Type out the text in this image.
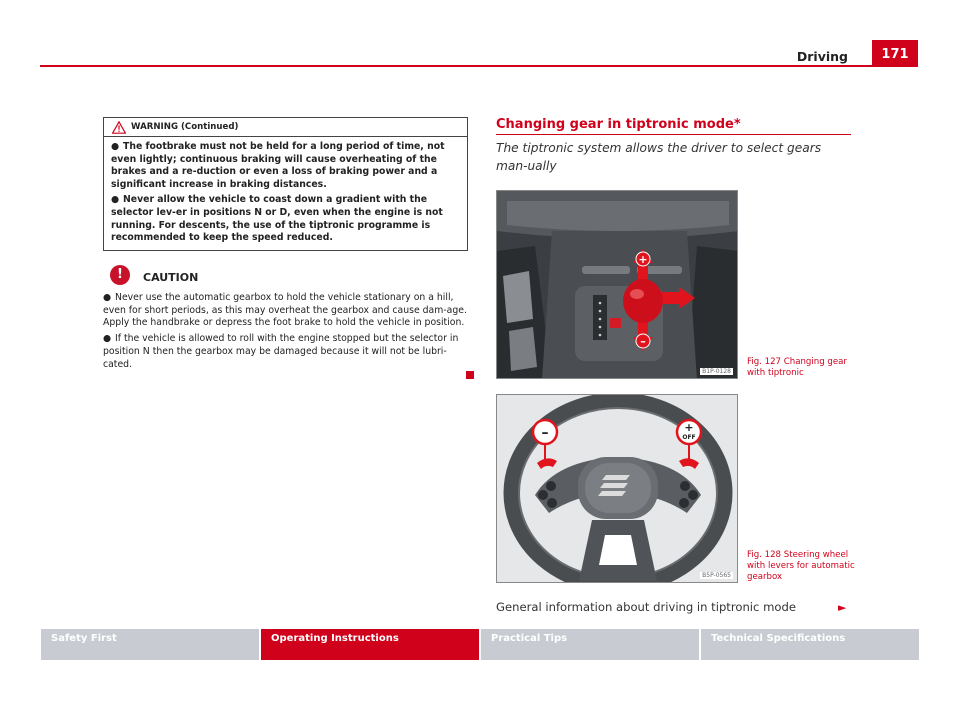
Driving	171
WARNING (Continued)

● The footbrake must not be held for a long period of time, not even lightly; continuous braking will cause overheating of the brakes and a re-duction or even a loss of braking power and a significant increase in braking distances.

● Never allow the vehicle to coast down a gradient with the selector lev-er in positions N or D, even when the engine is not running. For descents, the use of the tiptronic programme is recommended to keep the speed reduced.

!	CAUTION

● Never use the automatic gearbox to hold the vehicle stationary on a hill, even for short periods, as this may overheat the gearbox and cause dam-age. Apply the handbrake or depress the foot brake to hold the vehicle in position.

● If the vehicle is allowed to roll with the engine stopped but the selector in position N then the gearbox may be damaged because it will not be lubri-cated.

Changing gear in tiptronic mode*

The tiptronic system allows the driver to select gears man-ually

+
–
B1P-0128
Fig. 127 Changing gear with tiptronic
–	+
OFF
B5P-0565
Fig. 128 Steering wheel with levers for automatic gearbox

General information about driving in tiptronic mode	►
Safety First	Operating Instructions	Practical Tips	Technical Specifications
